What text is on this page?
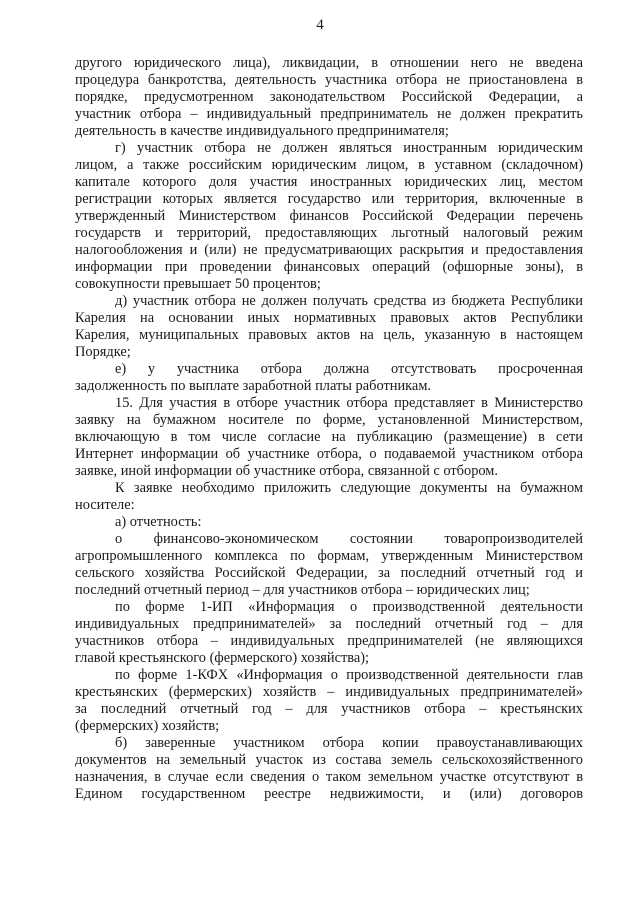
4
другого юридического лица), ликвидации, в отношении него не введена
процедура банкротства, деятельность участника отбора не приостановлена в
порядке, предусмотренном законодательством Российской Федерации, а
участник отбора – индивидуальный предприниматель не должен прекратить
деятельность в качестве индивидуального предпринимателя;
г) участник отбора не должен являться иностранным юридическим
лицом, а также российским юридическим лицом, в уставном (складочном)
капитале которого доля участия иностранных юридических лиц, местом
регистрации которых является государство или территория, включенные в
утвержденный Министерством финансов Российской Федерации перечень
государств и территорий, предоставляющих льготный налоговый режим
налогообложения и (или) не предусматривающих раскрытия и предоставления
информации при проведении финансовых операций (офшорные зоны), в
совокупности превышает 50 процентов;
д) участник отбора не должен получать средства из бюджета Республики
Карелия на основании иных нормативных правовых актов Республики
Карелия, муниципальных правовых актов на цель, указанную в настоящем
Порядке;
е) у участника отбора должна отсутствовать просроченная
задолженность по выплате заработной платы работникам.
15. Для участия в отборе участник отбора представляет в Министерство
заявку на бумажном носителе по форме, установленной Министерством,
включающую в том числе согласие на публикацию (размещение) в сети
Интернет информации об участнике отбора, о подаваемой участником отбора
заявке, иной информации об участнике отбора, связанной с отбором.
К заявке необходимо приложить следующие документы на бумажном
носителе:
а) отчетность:
о финансово-экономическом состоянии товаропроизводителей
агропромышленного комплекса по формам, утвержденным Министерством
сельского хозяйства Российской Федерации, за последний отчетный год и
последний отчетный период – для участников отбора – юридических лиц;
по форме 1-ИП «Информация о производственной деятельности
индивидуальных предпринимателей» за последний отчетный год – для
участников отбора – индивидуальных предпринимателей (не являющихся
главой крестьянского (фермерского) хозяйства);
по форме 1-КФХ «Информация о производственной деятельности глав
крестьянских (фермерских) хозяйств – индивидуальных предпринимателей»
за последний отчетный год – для участников отбора – крестьянских
(фермерских) хозяйств;
б) заверенные участником отбора копии правоустанавливающих
документов на земельный участок из состава земель сельскохозяйственного
назначения, в случае если сведения о таком земельном участке отсутствуют в
Едином государственном реестре недвижимости, и (или) договоров
